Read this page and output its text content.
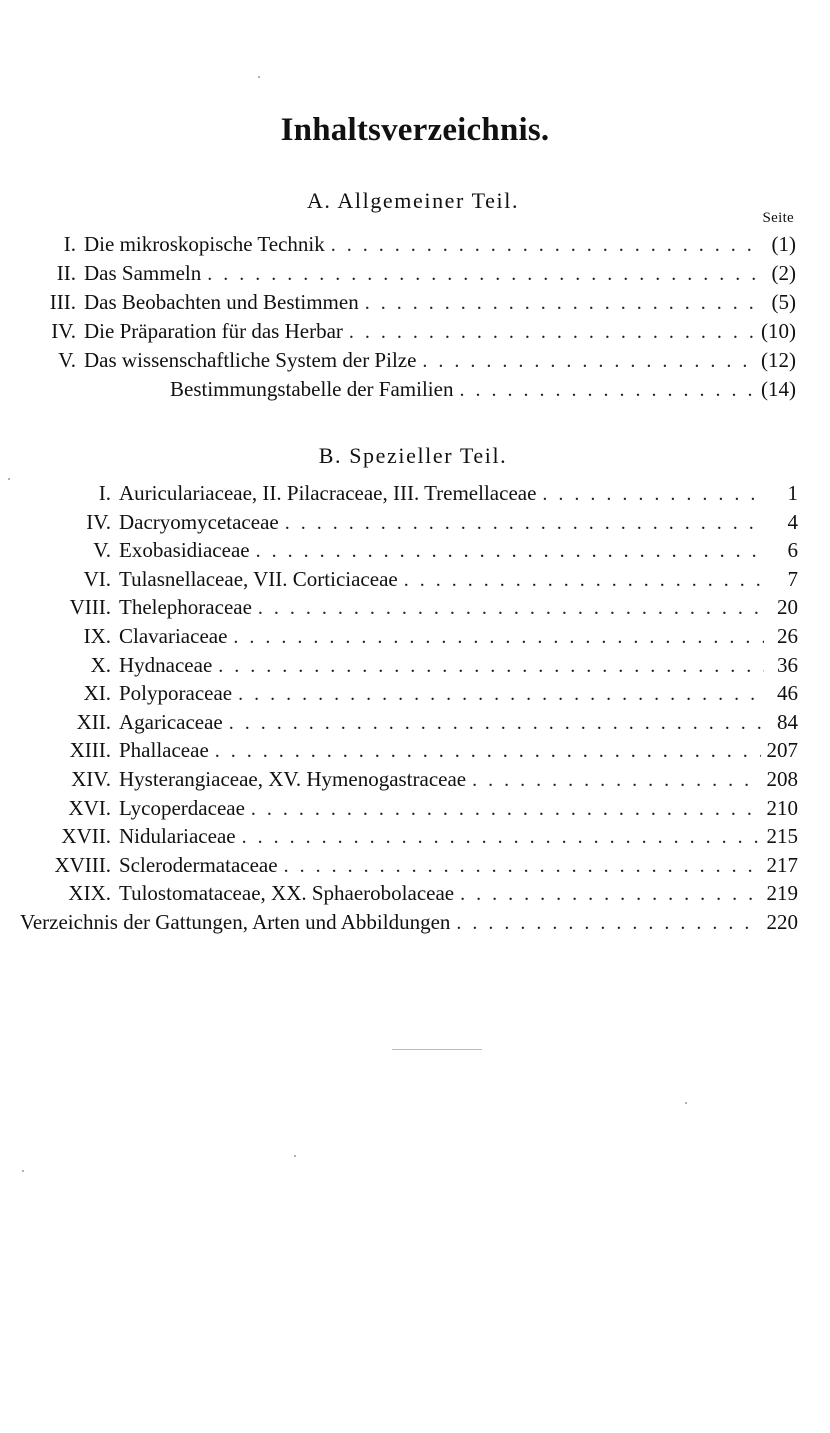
Inhaltsverzeichnis.
A. Allgemeiner Teil.
Seite
I. Die mikroskopische Technik . . .	(1)
II. Das Sammeln . . .	(2)
III. Das Beobachten und Bestimmen . . .	(5)
IV. Die Präparation für das Herbar . . .	(10)
V. Das wissenschaftliche System der Pilze . . .	(12)
Bestimmungstabelle der Familien . . .	(14)
B. Spezieller Teil.
I. Auriculariaceae, II. Pilacraceae, III. Tremellaceae . . .	1
IV. Dacryomycetaceae . . .	4
V. Exobasidiaceae . . .	6
VI. Tulasnellaceae, VII. Corticiaceae . . .	7
VIII. Thelephoraceae . . .	20
IX. Clavariaceae . . .	26
X. Hydnaceae . . .	36
XI. Polyporaceae . . .	46
XII. Agaricaceae . . .	84
XIII. Phallaceae . . .	207
XIV. Hysterangiaceae, XV. Hymenogastraceae . . .	208
XVI. Lycoperdaceae . . .	210
XVII. Nidulariaceae . . .	215
XVIII. Sclerodermataceae . . .	217
XIX. Tulostomataceae, XX. Sphaerobolaceae . . .	219
Verzeichnis der Gattungen, Arten und Abbildungen . . .	220
